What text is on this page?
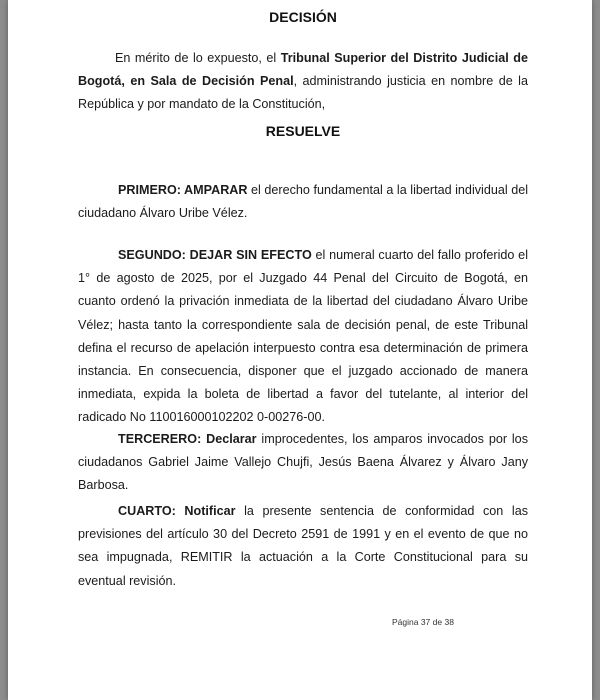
DECISIÓN

En mérito de lo expuesto, el Tribunal Superior del Distrito Judicial de Bogotá, en Sala de Decisión Penal, administrando justicia en nombre de la República y por mandato de la Constitución,

RESUELVE

PRIMERO: AMPARAR el derecho fundamental a la libertad individual del ciudadano Álvaro Uribe Vélez.

SEGUNDO: DEJAR SIN EFECTO el numeral cuarto del fallo proferido el 1° de agosto de 2025, por el Juzgado 44 Penal del Circuito de Bogotá, en cuanto ordenó la privación inmediata de la libertad del ciudadano Álvaro Uribe Vélez; hasta tanto la correspondiente sala de decisión penal, de este Tribunal defina el recurso de apelación interpuesto contra esa determinación de primera instancia. En consecuencia, disponer que el juzgado accionado de manera inmediata, expida la boleta de libertad a favor del tutelante, al interior del radicado No 110016000102202 0-00276-00.

TERCERERO: Declarar improcedentes, los amparos invocados por los ciudadanos Gabriel Jaime Vallejo Chujfi, Jesús Baena Álvarez y Álvaro Jany Barbosa.

CUARTO: Notificar la presente sentencia de conformidad con las previsiones del artículo 30 del Decreto 2591 de 1991 y en el evento de que no sea impugnada, REMITIR la actuación a la Corte Constitucional para su eventual revisión.

Página 37 de 38
